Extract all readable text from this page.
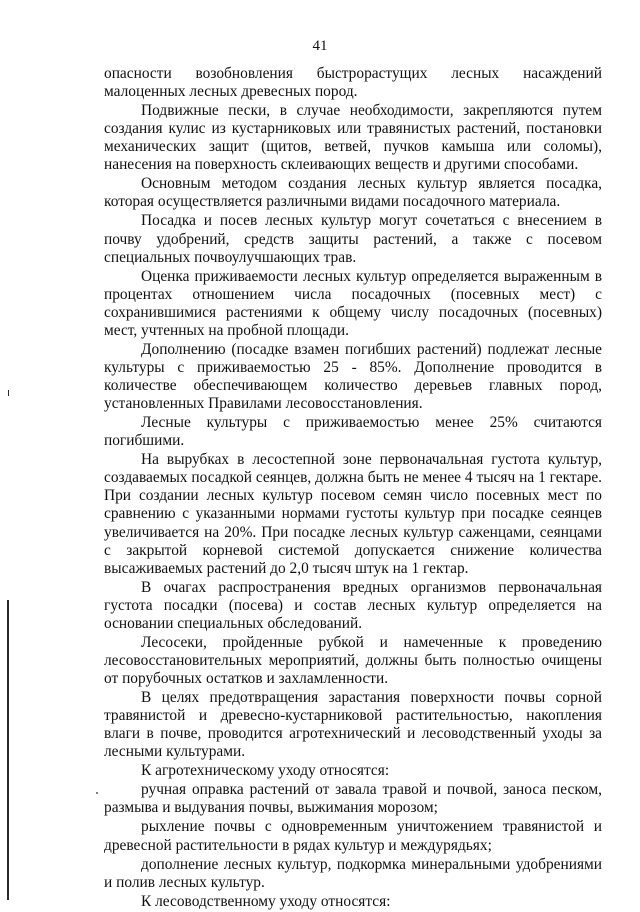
41

опасности возобновления быстрорастущих лесных насаждений малоценных лесных древесных пород.

Подвижные пески, в случае необходимости, закрепляются путем создания кулис из кустарниковых или травянистых растений, постановки механических защит (щитов, ветвей, пучков камыша или соломы), нанесения на поверхность склеивающих веществ и другими способами.

Основным методом создания лесных культур является посадка, которая осуществляется различными видами посадочного материала.

Посадка и посев лесных культур могут сочетаться с внесением в почву удобрений, средств защиты растений, а также с посевом специальных почвоулучшающих трав.

Оценка приживаемости лесных культур определяется выраженным в процентах отношением числа посадочных (посевных мест) с сохранившимися растениями к общему числу посадочных (посевных) мест, учтенных на пробной площади.

Дополнению (посадке взамен погибших растений) подлежат лесные культуры с приживаемостью 25 - 85%. Дополнение проводится в количестве обеспечивающем количество деревьев главных пород, установленных Правилами лесовосстановления.

Лесные культуры с приживаемостью менее 25% считаются погибшими.

На вырубках в лесостепной зоне первоначальная густота культур, создаваемых посадкой сеянцев, должна быть не менее 4 тысяч на 1 гектаре. При создании лесных культур посевом семян число посевных мест по сравнению с указанными нормами густоты культур при посадке сеянцев увеличивается на 20%. При посадке лесных культур саженцами, сеянцами с закрытой корневой системой допускается снижение количества высаживаемых растений до 2,0 тысяч штук на 1 гектар.

В очагах распространения вредных организмов первоначальная густота посадки (посева) и состав лесных культур определяется на основании специальных обследований.

Лесосеки, пройденные рубкой и намеченные к проведению лесовосстановительных мероприятий, должны быть полностью очищены от порубочных остатков и захламленности.

В целях предотвращения зарастания поверхности почвы сорной травянистой и древесно-кустарниковой растительностью, накопления влаги в почве, проводится агротехнический и лесоводственный уходы за лесными культурами.

К агротехническому уходу относятся:

ручная оправка растений от завала травой и почвой, заноса песком, размыва и выдувания почвы, выжимания морозом;

рыхление почвы с одновременным уничтожением травянистой и древесной растительности в рядах культур и междурядьях;

дополнение лесных культур, подкормка минеральными удобрениями и полив лесных культур.

К лесоводственному уходу относятся:
